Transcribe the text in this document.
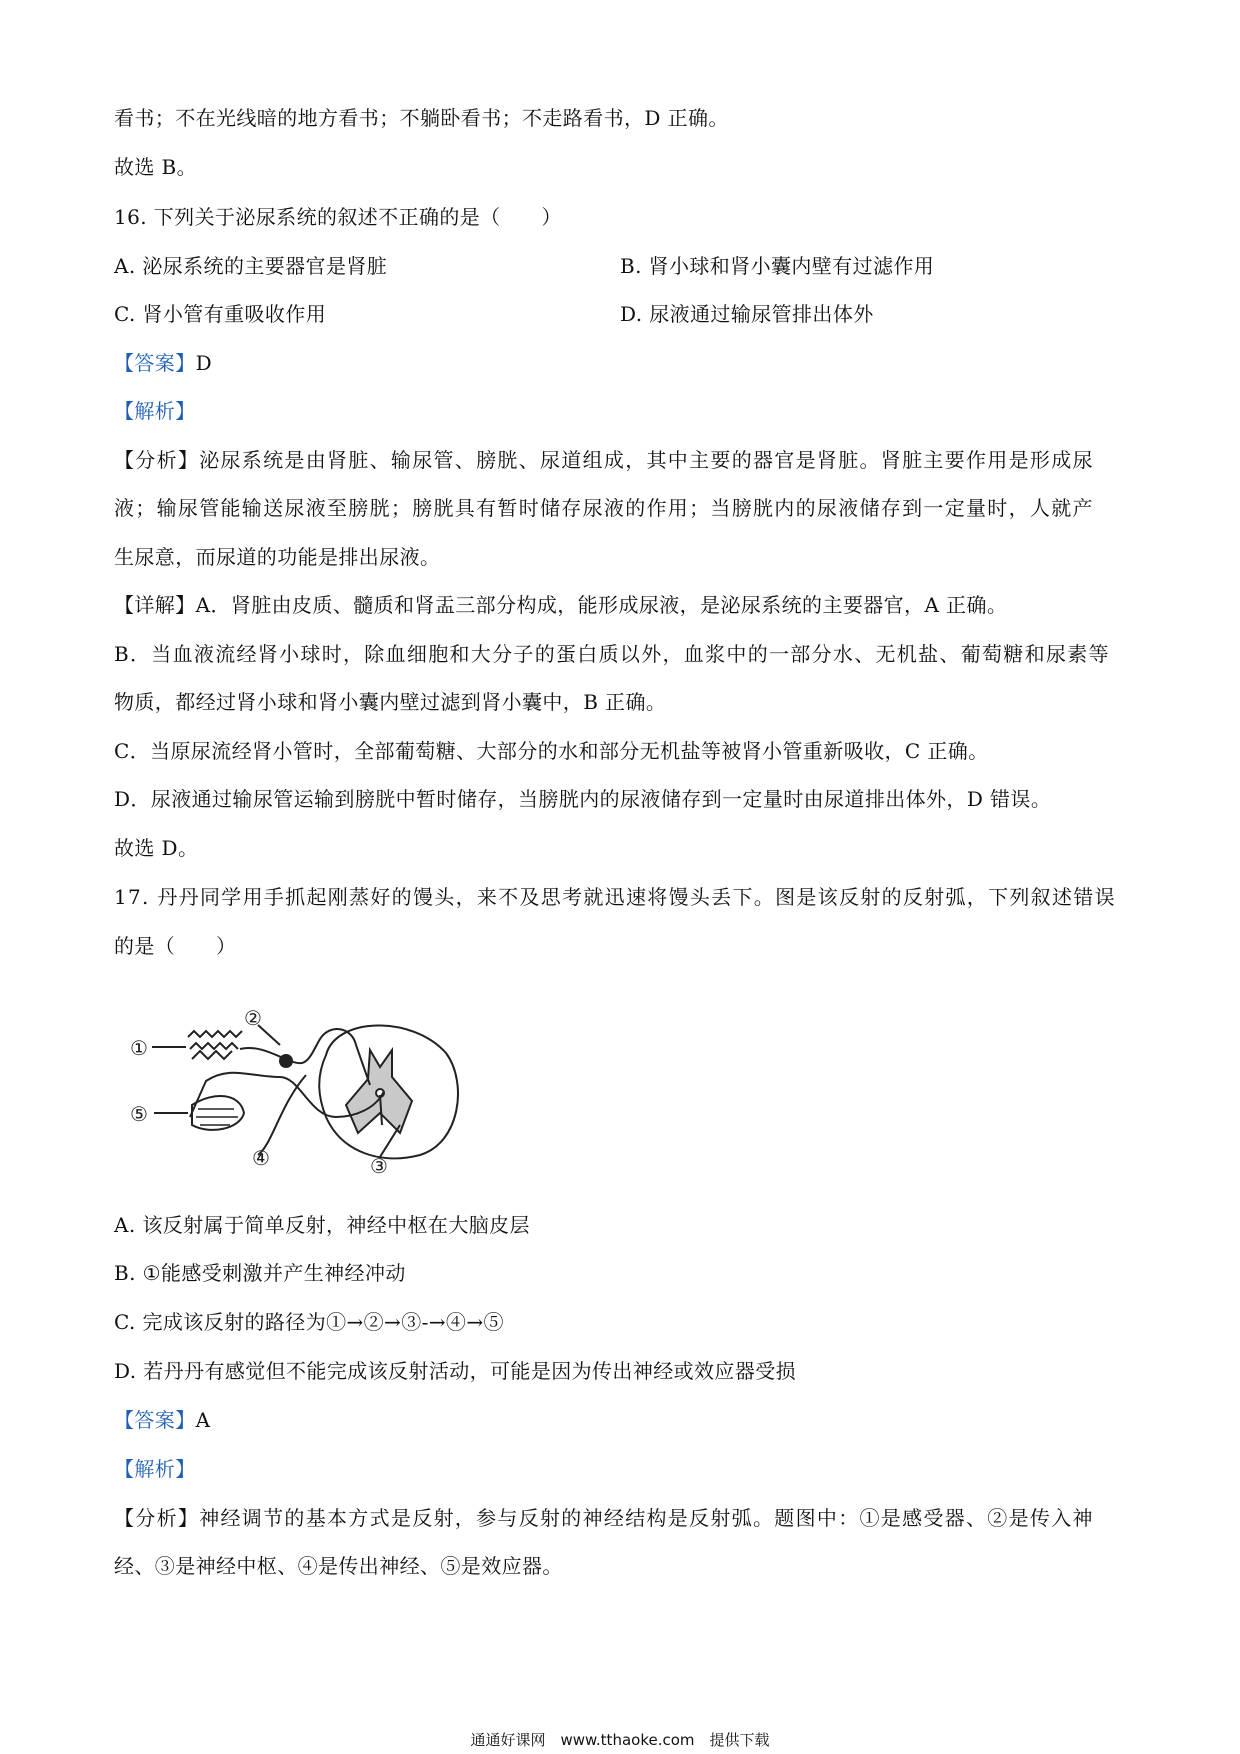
看书；不在光线暗的地方看书；不躺卧看书；不走路看书，D 正确。
故选 B。
16. 下列关于泌尿系统的叙述不正确的是（　　）
A. 泌尿系统的主要器官是肾脏	B. 肾小球和肾小囊内壁有过滤作用
C. 肾小管有重吸收作用	D. 尿液通过输尿管排出体外
【答案】D
【解析】
【分析】泌尿系统是由肾脏、输尿管、膀胱、尿道组成，其中主要的器官是肾脏。肾脏主要作用是形成尿
液；输尿管能输送尿液至膀胱；膀胱具有暂时储存尿液的作用；当膀胱内的尿液储存到一定量时，人就产
生尿意，而尿道的功能是排出尿液。
【详解】A．肾脏由皮质、髓质和肾盂三部分构成，能形成尿液，是泌尿系统的主要器官，A 正确。
B．当血液流经肾小球时，除血细胞和大分子的蛋白质以外，血浆中的一部分水、无机盐、葡萄糖和尿素等
物质，都经过肾小球和肾小囊内壁过滤到肾小囊中，B 正确。
C．当原尿流经肾小管时，全部葡萄糖、大部分的水和部分无机盐等被肾小管重新吸收，C 正确。
D．尿液通过输尿管运输到膀胱中暂时储存，当膀胱内的尿液储存到一定量时由尿道排出体外，D 错误。
故选 D。
17. 丹丹同学用手抓起刚蒸好的馒头，来不及思考就迅速将馒头丢下。图是该反射的反射弧，下列叙述错误
的是（　　）
①
②
③
④
⑤
A. 该反射属于简单反射，神经中枢在大脑皮层
B. ①能感受刺激并产生神经冲动
C. 完成该反射的路径为①→②→③-→④→⑤
D. 若丹丹有感觉但不能完成该反射活动，可能是因为传出神经或效应器受损
【答案】A
【解析】
【分析】神经调节的基本方式是反射，参与反射的神经结构是反射弧。题图中：①是感受器、②是传入神
经、③是神经中枢、④是传出神经、⑤是效应器。
通通好课网　www.tthaoke.com　提供下载
